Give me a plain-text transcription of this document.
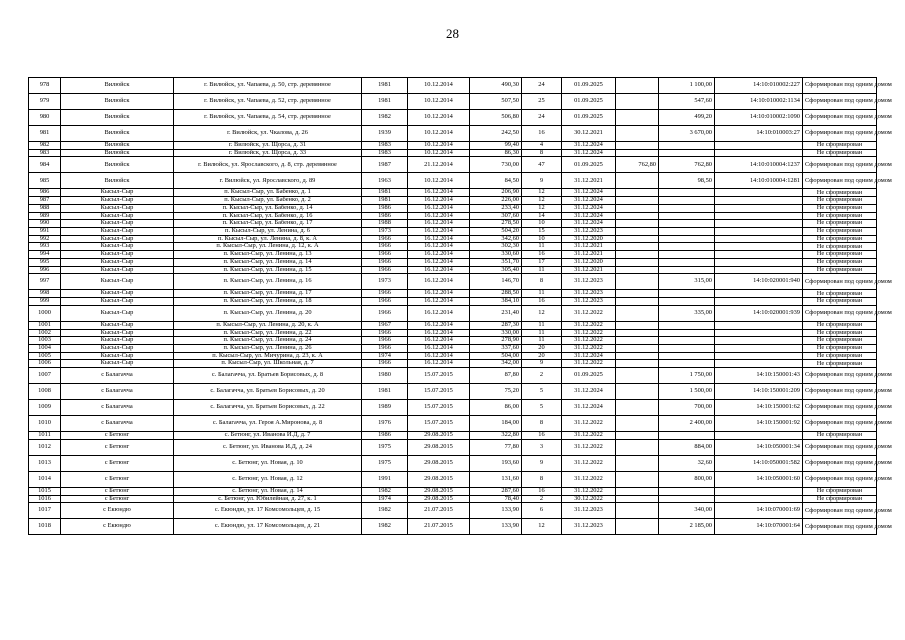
28
978	Вилюйск	г. Вилюйск, ул. Чапаева, д. 50, стр. деревянное	1981	10.12.2014	490,30	24	01.09.2025		1 100,00	14:10:010002:227	Сформирован под одним домом
979	Вилюйск	г. Вилюйск, ул. Чапаева, д. 52, стр. деревянное	1981	10.12.2014	507,50	25	01.09.2025		547,60	14:10:010002:1134	Сформирован под одним домом
980	Вилюйск	г. Вилюйск, ул. Чапаева, д. 54, стр. деревянное	1982	10.12.2014	506,80	24	01.09.2025		499,20	14:10:010002:1090	Сформирован под одним домом
981	Вилюйск	г. Вилюйск, ул. Чкалова, д. 26	1939	10.12.2014	242,50	16	30.12.2021		3 670,00	14:10:010003:27	Сформирован под одним домом
982	Вилюйск	г. Вилюйск, ул. Щорса, д. 31	1983	10.12.2014	99,40	4	31.12.2024				Не сформирован
983	Вилюйск	г. Вилюйск, ул. Щорса, д. 33	1983	10.12.2014	86,30	8	31.12.2024				Не сформирован
984	Вилюйск	г. Вилюйск, ул. Ярославского, д. 8, стр. деревянное	1987	21.12.2014	730,00	47	01.09.2025	762,80	762,80	14:10:010004:1237	Сформирован под одним домом
985	Вилюйск	г. Вилюйск, ул. Ярославского, д. 89	1963	10.12.2014	84,50	9	31.12.2021		98,50	14:10:010004:1281	Сформирован под одним домом
986	Кысыл-Сыр	п. Кысыл-Сыр, ул. Бабенко, д. 1	1981	16.12.2014	206,90	12	31.12.2024				Не сформирован
987	Кысыл-Сыр	п. Кысыл-Сыр, ул. Бабенко, д. 2	1981	16.12.2014	226,00	12	31.12.2024				Не сформирован
988	Кысыл-Сыр	п. Кысыл-Сыр, ул. Бабенко, д. 14	1986	16.12.2014	233,40	12	31.12.2024				Не сформирован
989	Кысыл-Сыр	п. Кысыл-Сыр, ул. Бабенко, д. 16	1986	16.12.2014	307,60	14	31.12.2024				Не сформирован
990	Кысыл-Сыр	п. Кысыл-Сыр, ул. Бабенко, д. 17	1988	16.12.2014	278,50	10	31.12.2024				Не сформирован
991	Кысыл-Сыр	п. Кысыл-Сыр, ул. Ленина, д. 6	1973	16.12.2014	504,20	15	31.12.2023				Не сформирован
992	Кысыл-Сыр	п. Кысыл-Сыр, ул. Ленина, д. 8, к. А	1966	16.12.2014	342,60	10	31.12.2020				Не сформирован
993	Кысыл-Сыр	п. Кысыл-Сыр, ул. Ленина, д. 12, к. А	1966	16.12.2014	302,30	11	31.12.2021				Не сформирован
994	Кысыл-Сыр	п. Кысыл-Сыр, ул. Ленина, д. 13	1966	16.12.2014	330,60	16	31.12.2021				Не сформирован
995	Кысыл-Сыр	п. Кысыл-Сыр, ул. Ленина, д. 14	1966	16.12.2014	351,70	17	31.12.2020				Не сформирован
996	Кысыл-Сыр	п. Кысыл-Сыр, ул. Ленина, д. 15	1966	16.12.2014	305,40	11	31.12.2021				Не сформирован
997	Кысыл-Сыр	п. Кысыл-Сыр, ул. Ленина, д. 16	1973	16.12.2014	146,70	8	31.12.2023		315,00	14:10:020001:940	Сформирован под одним домом
998	Кысыл-Сыр	п. Кысыл-Сыр, ул. Ленина, д. 17	1966	16.12.2014	288,50	11	31.12.2023				Не сформирован
999	Кысыл-Сыр	п. Кысыл-Сыр, ул. Ленина, д. 18	1966	16.12.2014	384,10	16	31.12.2023				Не сформирован
1000	Кысыл-Сыр	п. Кысыл-Сыр, ул. Ленина, д. 20	1966	16.12.2014	231,40	12	31.12.2022		335,00	14:10:020001:939	Сформирован под одним домом
1001	Кысыл-Сыр	п. Кысыл-Сыр, ул. Ленина, д. 20, к. А	1967	16.12.2014	287,30	11	31.12.2022				Не сформирован
1002	Кысыл-Сыр	п. Кысыл-Сыр, ул. Ленина, д. 22	1966	16.12.2014	330,00	11	31.12.2022				Не сформирован
1003	Кысыл-Сыр	п. Кысыл-Сыр, ул. Ленина, д. 24	1966	16.12.2014	278,90	11	31.12.2022				Не сформирован
1004	Кысыл-Сыр	п. Кысыл-Сыр, ул. Ленина, д. 26	1966	16.12.2014	337,60	20	31.12.2022				Не сформирован
1005	Кысыл-Сыр	п. Кысыл-Сыр, ул. Мичурина, д. 23, к. А	1974	16.12.2014	504,00	20	31.12.2024				Не сформирован
1006	Кысыл-Сыр	п. Кысыл-Сыр, ул. Школьная, д. 7	1966	16.12.2014	342,00	9	31.12.2022				Не сформирован
1007	с Балагачча	с. Балагачча, ул. Братьев Борисовых, д. 8	1980	15.07.2015	87,80	2	01.09.2025		1 750,00	14:10:150001:43	Сформирован под одним домом
1008	с Балагачча	с. Балагачча, ул. Братьев Борисовых, д. 20	1981	15.07.2015	75,20	5	31.12.2024		1 500,00	14:10:150001:209	Сформирован под одним домом
1009	с Балагачча	с. Балагачча, ул. Братьев Борисовых, д. 22	1989	15.07.2015	86,00	5	31.12.2024		700,00	14:10:150001:62	Сформирован под одним домом
1010	с Балагачча	с. Балагачча, ул. Героя А.Миронова, д. 8	1976	15.07.2015	184,00	8	31.12.2022		2 400,00	14:10:150001:92	Сформирован под одним домом
1011	с Бетюнг	с. Бетюнг, ул. Иванова И.Д, д. 7	1986	29.08.2015	322,80	16	31.12.2022				Не сформирован
1012	с Бетюнг	с. Бетюнг, ул. Иванова И.Д, д. 24	1975	29.08.2015	77,80	3	31.12.2022		884,00	14:10:050001:34	Сформирован под одним домом
1013	с Бетюнг	с. Бетюнг, ул. Новая, д. 10	1975	29.08.2015	193,60	9	31.12.2022		32,60	14:10:050001:582	Сформирован под одним домом
1014	с Бетюнг	с. Бетюнг, ул. Новая, д. 12	1991	29.08.2015	131,60	8	31.12.2022		800,00	14:10:050001:60	Сформирован под одним домом
1015	с Бетюнг	с. Бетюнг, ул. Новая, д. 14	1982	29.08.2015	287,60	16	31.12.2022				Не сформирован
1016	с Бетюнг	с. Бетюнг, ул. Юбилейная, д. 27, к. 1	1974	29.08.2015	78,40	2	30.12.2022				Не сформирован
1017	с Екюндю	с. Екюндю, ул. 17 Комсомольцев, д. 15	1982	21.07.2015	133,90	6	31.12.2023		340,00	14:10:070001:69	Сформирован под одним домом
1018	с Екюндю	с. Екюндю, ул. 17 Комсомольцев, д. 21	1982	21.07.2015	133,90	12	31.12.2023		2 185,00	14:10:070001:64	Сформирован под одним домом
